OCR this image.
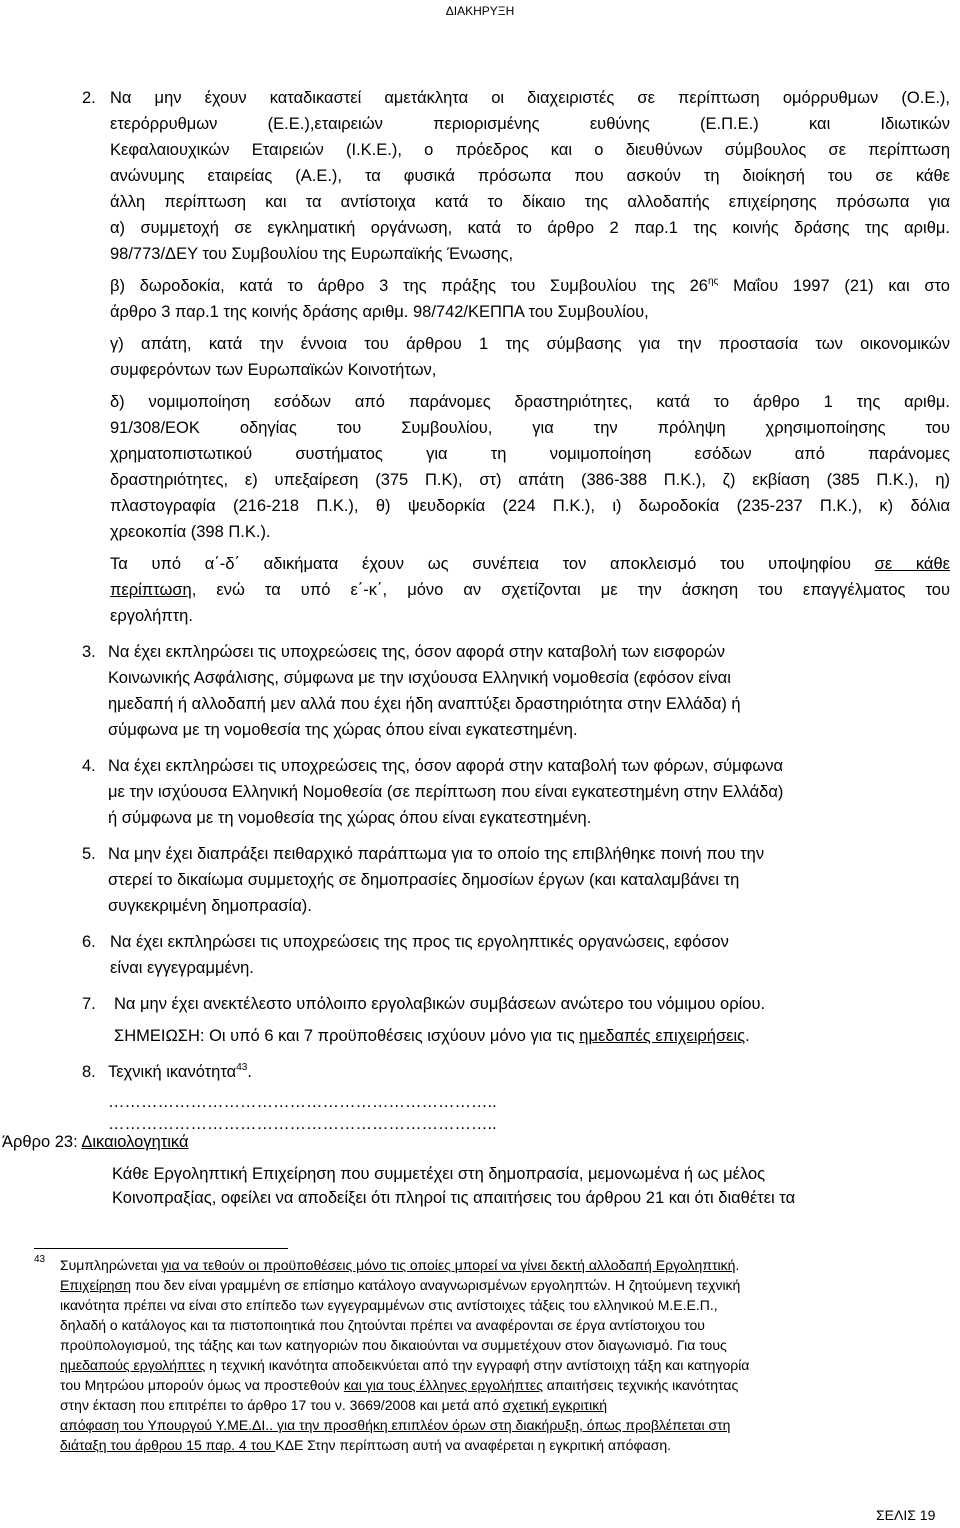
ΔΙΑΚΗΡΥΞΗ
2. Να μην έχουν καταδικαστεί αμετάκλητα οι διαχειριστές σε περίπτωση ομόρρυθμων (Ο.Ε.),
ετερόρρυθμων (Ε.Ε.),εταιρειών περιορισμένης ευθύνης (Ε.Π.Ε.) και Ιδιωτικών
Κεφαλαιουχικών Εταιρειών (Ι.Κ.Ε.), ο πρόεδρος και ο διευθύνων σύμβουλος σε περίπτωση
ανώνυμης εταιρείας (Α.Ε.), τα φυσικά πρόσωπα που ασκούν τη διοίκησή του σε κάθε
άλλη περίπτωση και τα αντίστοιχα κατά το δίκαιο της αλλοδαπής επιχείρησης πρόσωπα για
α) συμμετοχή σε εγκληματική οργάνωση, κατά το άρθρο 2 παρ.1 της κοινής δράσης της αριθμ.
98/773/ΔΕΥ του Συμβουλίου της Ευρωπαϊκής Ένωσης,
β) δωροδοκία, κατά το άρθρο 3 της πράξης του Συμβουλίου της $26^{\eta\varsigma}$ Μαΐου 1997 (21) και στο
άρθρο 3 παρ.1 της κοινής δράσης αριθμ. 98/742/ΚΕΠΠΑ του Συμβουλίου,
γ) απάτη, κατά την έννοια του άρθρου 1 της σύμβασης για την προστασία των οικονομικών
συμφερόντων των Ευρωπαϊκών Κοινοτήτων,
δ) νομιμοποίηση εσόδων από παράνομες δραστηριότητες, κατά το άρθρο 1 της αριθμ.
91/308/ΕΟΚ οδηγίας του Συμβουλίου, για την πρόληψη χρησιμοποίησης του
χρηματοπιστωτικού συστήματος για τη νομιμοποίηση εσόδων από παράνομες
δραστηριότητες, ε) υπεξαίρεση (375 Π.Κ), στ) απάτη (386-388 Π.Κ.), ζ) εκβίαση (385 Π.Κ.), η)
πλαστογραφία (216-218 Π.Κ.), θ) ψευδορκία (224 Π.Κ.), ι) δωροδοκία (235-237 Π.Κ.), κ) δόλια
χρεοκοπία (398 Π.Κ.).
Τα υπό α΄-δ΄ αδικήματα έχουν ως συνέπεια τον αποκλεισμό του υποψηφίου σε κάθε
περίπτωση, ενώ τα υπό ε΄-κ΄, μόνο αν σχετίζονται με την άσκηση του επαγγέλματος του
εργολήπτη.
3. Να έχει εκπληρώσει τις υποχρεώσεις της, όσον αφορά στην καταβολή των εισφορών
Κοινωνικής Ασφάλισης, σύμφωνα με την ισχύουσα Ελληνική νομοθεσία (εφόσον είναι
ημεδαπή ή αλλοδαπή μεν αλλά που έχει ήδη αναπτύξει δραστηριότητα στην Ελλάδα) ή
σύμφωνα με τη νομοθεσία της χώρας όπου είναι εγκατεστημένη.
4. Να έχει εκπληρώσει τις υποχρεώσεις της, όσον αφορά στην καταβολή των φόρων, σύμφωνα
με την ισχύουσα Ελληνική Νομοθεσία (σε περίπτωση που είναι εγκατεστημένη στην Ελλάδα)
ή σύμφωνα με τη νομοθεσία της χώρας όπου είναι εγκατεστημένη.
5. Να μην έχει διαπράξει πειθαρχικό παράπτωμα για το οποίο της επιβλήθηκε ποινή που την
στερεί το δικαίωμα συμμετοχής σε δημοπρασίες δημοσίων έργων (και καταλαμβάνει τη
συγκεκριμένη δημοπρασία).
6. Να έχει εκπληρώσει τις υποχρεώσεις της προς τις εργοληπτικές οργανώσεις, εφόσον
είναι εγγεγραμμένη.
7. Να μην έχει ανεκτέλεστο υπόλοιπο εργολαβικών συμβάσεων ανώτερο του νόμιμου ορίου.
ΣΗΜΕΙΩΣΗ: Οι υπό 6 και 7 προϋποθέσεις ισχύουν μόνο για τις ημεδαπές επιχειρήσεις.
8. Τεχνική ικανότητα$^{43}$.
……………………………………………………………..
……………………………………………………………..
Άρθρο 23: Δικαιολογητικά
Κάθε Εργοληπτική Επιχείρηση που συμμετέχει στη δημοπρασία, μεμονωμένα ή ως μέλος
Κοινοπραξίας, οφείλει να αποδείξει ότι πληροί τις απαιτήσεις του άρθρου 21 και ότι διαθέτει τα
43 Συμπληρώνεται για να τεθούν οι προϋποθέσεις μόνο τις οποίες μπορεί να γίνει δεκτή αλλοδαπή Εργοληπτική.
Επιχείρηση που δεν είναι γραμμένη σε επίσημο κατάλογο αναγνωρισμένων εργοληπτών. Η ζητούμενη τεχνική
ικανότητα πρέπει να είναι στο επίπεδο των εγγεγραμμένων στις αντίστοιχες τάξεις του ελληνικού Μ.Ε.Ε.Π.,
δηλαδή ο κατάλογος και τα πιστοποιητικά που ζητούνται πρέπει να αναφέρονται σε έργα αντίστοιχου του
προϋπολογισμού, της τάξης και των κατηγοριών που δικαιούνται να συμμετέχουν στον διαγωνισμό. Για τους
ημεδαπούς εργολήπτες η τεχνική ικανότητα αποδεικνύεται από την εγγραφή στην αντίστοιχη τάξη και κατηγορία
του Μητρώου μπορούν όμως να προστεθούν και για τους έλληνες εργολήπτες απαιτήσεις τεχνικής ικανότητας
στην έκταση που επιτρέπει το άρθρο 17 του ν. 3669/2008 και μετά από σχετική εγκριτική
απόφαση του Υπουργού Υ.ΜΕ.ΔΙ.. για την προσθήκη επιπλέον όρων στη διακήρυξη, όπως προβλέπεται στη
διάταξη του άρθρου 15 παρ. 4 του ΚΔΕ Στην περίπτωση αυτή να αναφέρεται η εγκριτική απόφαση.
ΣΕΛΙΣ 19
